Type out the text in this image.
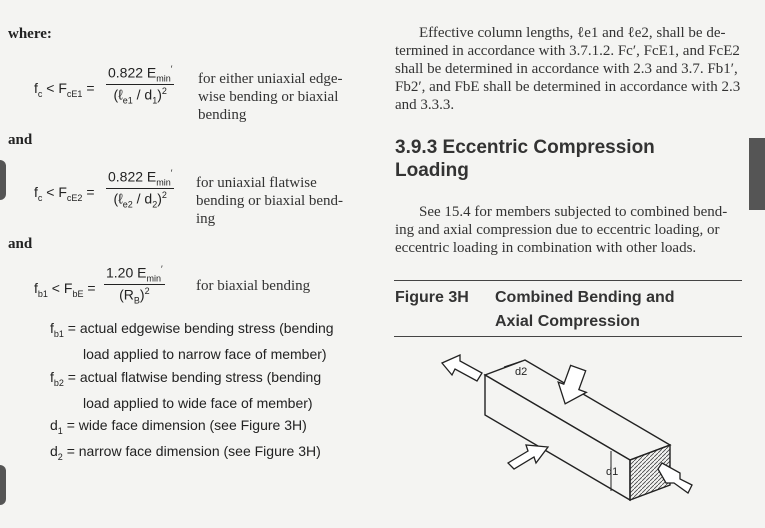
where:
$f_c < F_{cE1}$ =
0.822 $E_{min}'$
(ℓ$_{e1}$ / $d_1)^2$
for either uniaxial edge-wise bending or biaxial bending
and
$f_c < F_{cE2}$ =
0.822 $E_{min}'$
(ℓ$_{e2}$ / $d_2)^2$
for uniaxial flatwise bending or biaxial bend-ing
and
$f_{b1} < F_{bE}$ =
1.20 $E_{min}'$
$(R_B)^2$	for biaxial bending
$f_{b1}$ = actual edgewise bending stress (bending
load applied to narrow face of member)
$f_{b2}$ = actual flatwise bending stress (bending
load applied to wide face of member)
$d_1$ = wide face dimension (see Figure 3H)
$d_2$ = narrow face dimension (see Figure 3H)
Effective column lengths, ℓe1 and ℓe2, shall be de-
termined in accordance with 3.7.1.2. Fc′, FcE1, and FcE2
shall be determined in accordance with 2.3 and 3.7. Fb1′,
Fb2′, and FbE shall be determined in accordance with 2.3
and 3.3.3.
3.9.3 Eccentric Compression
Loading
See 15.4 for members subjected to combined bend-
ing and axial compression due to eccentric loading, or
eccentric loading in combination with other loads.
Figure 3H Combined Bending and
Axial Compression
d2
d1
